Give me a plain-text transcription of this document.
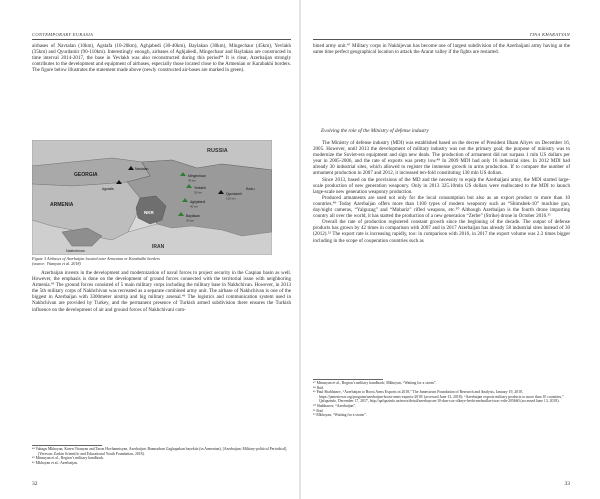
CONTEMPORARY EURASIA

airbases of Navtalan (10km), Agstafa (10-20km), Aghjabedi (30-40km), Baylakan (30km), Mingechaur (45km), Yevlakh (35km) and Qyurdamir (90-110km). Interestingly enough, airbases of Aghjabedi, Mingechaur and Baylakan are constructed in time interval 2014-2017, the base in Yevlakh was also reconstructed during this period⁴⁴ It is clear, Azerbaijan strongly contributes to the development and equipment of airbases, especially those located close to the Armenian or Karabakhi borders. The figure below illustrates the statement made above (newly constructed air-bases are marked in green).

RUSSIA
GEORGIA
ARMENIA
NKR
IRAN
Nakhchivan
Baku
Navtalan
Agstafa
Mingechaur
45 km
Yevlakh
35 km
Aghjabedi
40 km
Baylakan
30 km
Qyurdamir
110 km
Figure 3 Airbases of Azerbaijan located near Armenian or Karabakhi borders
(source: Vitanyan et al. 2018)

Azerbaijan invests in the development and modernization of naval forces to project security in the Caspian basin as well. However, the emphasis is done on the development of ground forces connected with the territorial issue with neighboring Armenia.⁴⁵ The ground forces consisted of 5 main military corps including the military base in Nakhchivan. However, in 2013 the 5th military corps of Nakhchivan was recreated as a separate combined army unit. The airbase of Nakhchivan is one of the biggest in Azerbaijan with 3300meter airstrip and big military arsenal.⁴⁶ The logistics and communication system used in Nakhchivan are provided by Turkey, and the permanent presence of Turkish armed subdivision there ensures the Turkish influence on the development of air and ground forces of Nakhchivani com-

⁴⁴ Vahagn Mkhoyan, Karen Vitanyan and Taron Hovhannisyan, Azerbaijan: Bazmadran Gaghapakan hayekits (in Armenian), [Azerbaijan: Military-political Periodical], (Yerevan: Zarkin Scientific and Educational Youth Foundation, 2018).
⁴⁵ Minasyan et al., Region’s military handbook.
⁴⁶ Mkhoyan et al., Azerbaijan.
32
TINA KHARATYAN

bined army unit.⁴⁷ Military corps in Nakhijevan has become one of largest subdivision of the Azerbaijani army having at the same time perfect geographical location to attack the Ararat valley if the fights are restarted.

Evolving the role of the Ministry of defense industry

The Ministry of defense industry (MDI) was established based on the decree of President Ilham Aliyev on December 16, 2005. However, until 2013 the development of military industry was not the primary goal; the purpose of ministry was to modernize the Soviet-era equipment and sign new deals. The production of armament did not surpass 1 mln US dollars per year in 2005-2006, and the rate of exports was pretty low.⁴⁸ In 2009 MDI had only 16 industrial sites. In 2012 MDI had already 30 industrial sites, which allowed to register the immense growth in arms production. If to compare the number of armament production in 2007 and 2012, it increased ten-fold constituting 130 mln US dollars.

Since 2013, based on the provisions of the MD and the necessity to equip the Azerbaijani army, the MDI started large-scale production of new generation weaponry. Only in 2013 325.10mln US dollars were reallocated to the MDI to launch large-scale new generation weaponry production.

Produced armaments are used not only for the local consumption but also as an export product to more than 10 countries.⁴⁹ Today Azerbaijan offers more than 1100 types of modern weaponry such as “Shimshek-10” machine gun, day/night cameras, “Yalguzag” and “Mubariz” rifled weapons, etc.⁵⁰ Although Azerbaijan is the fourth drone importing country all over the world, it has started the production of a new generation “Zerbe” (Strike) drone in October 2016.⁵¹

Overall the rate of production registered constant growth since the beginning of the decade. The output of defense products has grown by 42 times in comparison with 2007 and in 2017 Azerbaijan has already 58 industrial sites instead of 30 (2012).⁵² The export rate is increasing rapidly, too: in comparison with 2016, in 2017 the export volume was 2.3 times bigger including in the scope of cooperation countries such as

⁴⁷ Minasyan et al., Region’s military handbook; Mkhoyan, “Waiting for a storm”.
⁴⁸ Ibid.
⁴⁹ Paul Shabhazov, “Azerbaijan to Boost Arms Exports in 2018,” The Jamestown Foundation of Research and Analysis, January 19, 2018, https://jamestown.org/program/azerbaijan-boost-arms-exports-2018/ (accessed June 13, 2018); “Azerbaijan exports military products to more than 10 countries,” Qafqazinfo, December 17, 2017, http://qafqazinfo.az/news/detail/azerbaycan-10-dan-cox-olkeye-herbi-mehsullar-ixrac-edir-205660 (accessed June 13, 2018).
⁵⁰ Shabhazov, “Azerbaijan”.
⁵¹ Ibid.
⁵² Mkhoyan, “Waiting for a storm”.
33
